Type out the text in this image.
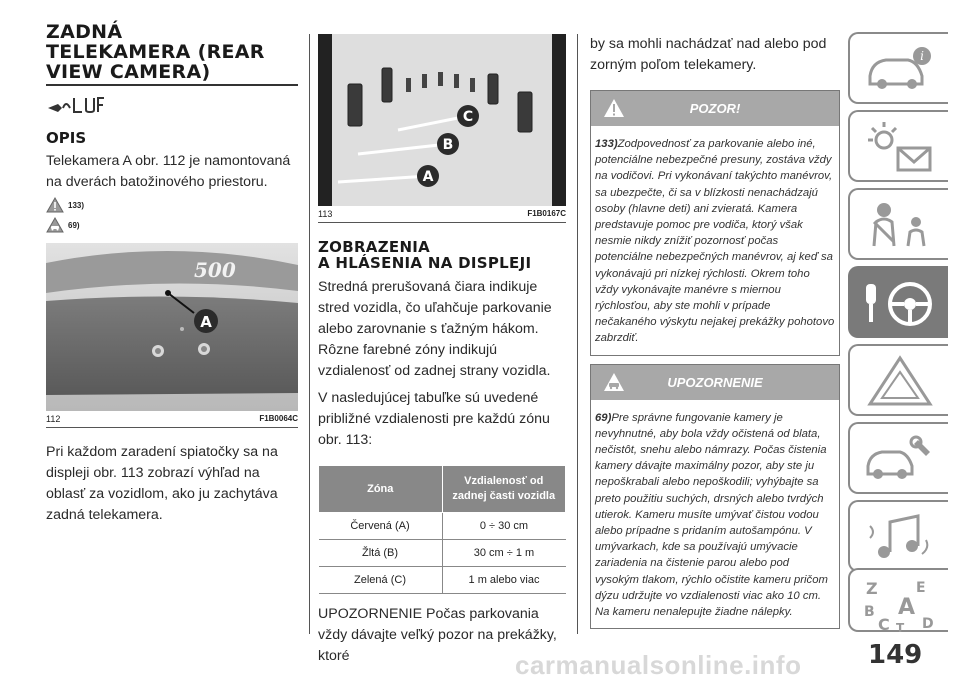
ZADNÁ
TELEKAMERA (REAR
VIEW CAMERA)
OPIS
Telekamera A obr. 112 je namontovaná na dverách batožinového priestoru.
133)
69)
500
A
112	F1B0064C
Pri každom zaradení spiatočky sa na displeji obr. 113 zobrazí výhľad na oblasť za vozidlom, ako ju zachytáva zadná telekamera.
C
B
A
113	F1B0167C
ZOBRAZENIA
A HLÁSENIA NA DISPLEJI
Stredná prerušovaná čiara indikuje stred vozidla, čo uľahčuje parkovanie alebo zarovnanie s ťažným hákom. Rôzne farebné zóny indikujú vzdialenosť od zadnej strany vozidla.
V nasledujúcej tabuľke sú uvedené približné vzdialenosti pre každú zónu obr. 113:
Zóna	Vzdialenosť od zadnej časti vozidla
Červená (A)	0 ÷ 30 cm
Žltá (B)	30 cm ÷ 1 m
Zelená (C)	1 m alebo viac
UPOZORNENIE Počas parkovania vždy dávajte veľký pozor na prekážky, ktoré
by sa mohli nachádzať nad alebo pod zorným poľom telekamery.
POZOR!
133)Zodpovednosť za parkovanie alebo iné, potenciálne nebezpečné presuny, zostáva vždy na vodičovi. Pri vykonávaní takýchto manévrov, sa ubezpečte, či sa v blízkosti nenachádzajú osoby (hlavne deti) ani zvieratá. Kamera predstavuje pomoc pre vodiča, ktorý však nesmie nikdy znížiť pozornosť počas potenciálne nebezpečných manévrov, aj keď sa vykonávajú pri nízkej rýchlosti. Okrem toho vždy vykonávajte manévre s miernou rýchlosťou, aby ste mohli v prípade nečakaného výskytu nejakej prekážky pohotovo zabrzdiť.
UPOZORNENIE
69)Pre správne fungovanie kamery je nevyhnutné, aby bola vždy očistená od blata, nečistôt, snehu alebo námrazy. Počas čistenia kamery dávajte maximálny pozor, aby ste ju nepoškrabali alebo nepoškodili; vyhýbajte sa preto použitiu suchých, drsných alebo tvrdých utierok. Kameru musíte umývať čistou vodou alebo prípadne s pridaním autošampónu. V umývarkach, kde sa používajú umývacie zariadenia na čistenie parou alebo pod vysokým tlakom, rýchlo očistite kameru pričom dýzu udržujte vo vzdialenosti viac ako 10 cm. Na kameru nenalepujte žiadne nálepky.
i
Z	E
B A
C T D
carmanualsonline.info	149
